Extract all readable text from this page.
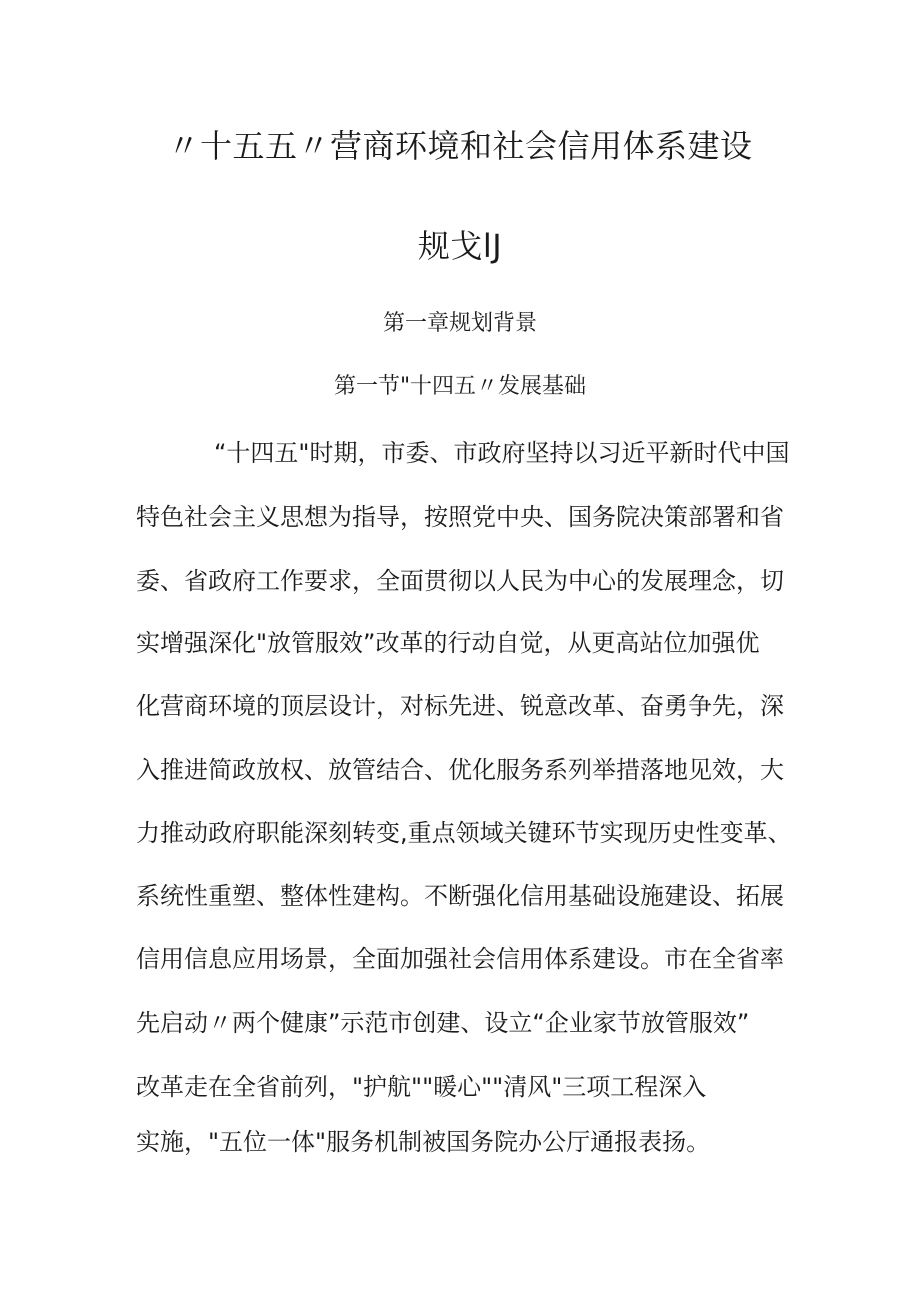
〃十五五〃营商环境和社会信用体系建设
规戈lJ
第一章规划背景
第一节"十四五〃发展基础

“十四五"时期，市委、市政府坚持以习近平新时代中国

特色社会主义思想为指导，按照党中央、国务院决策部署和省

委、省政府工作要求，全面贯彻以人民为中心的发展理念，切

实增强深化"放管服效”改革的行动自觉，从更高站位加强优

化营商环境的顶层设计，对标先进、锐意改革、奋勇争先，深

入推进简政放权、放管结合、优化服务系列举措落地见效，大

力推动政府职能深刻转变,重点领域关键环节实现历史性变革、

系统性重塑、整体性建构。不断强化信用基础设施建设、拓展

信用信息应用场景，全面加强社会信用体系建设。市在全省率

先启动〃两个健康”示范市创建、设立“企业家节放管服效”

改革走在全省前列，"护航""暖心""清风"三项工程深入

实施，"五位一体"服务机制被国务院办公厅通报表扬。
